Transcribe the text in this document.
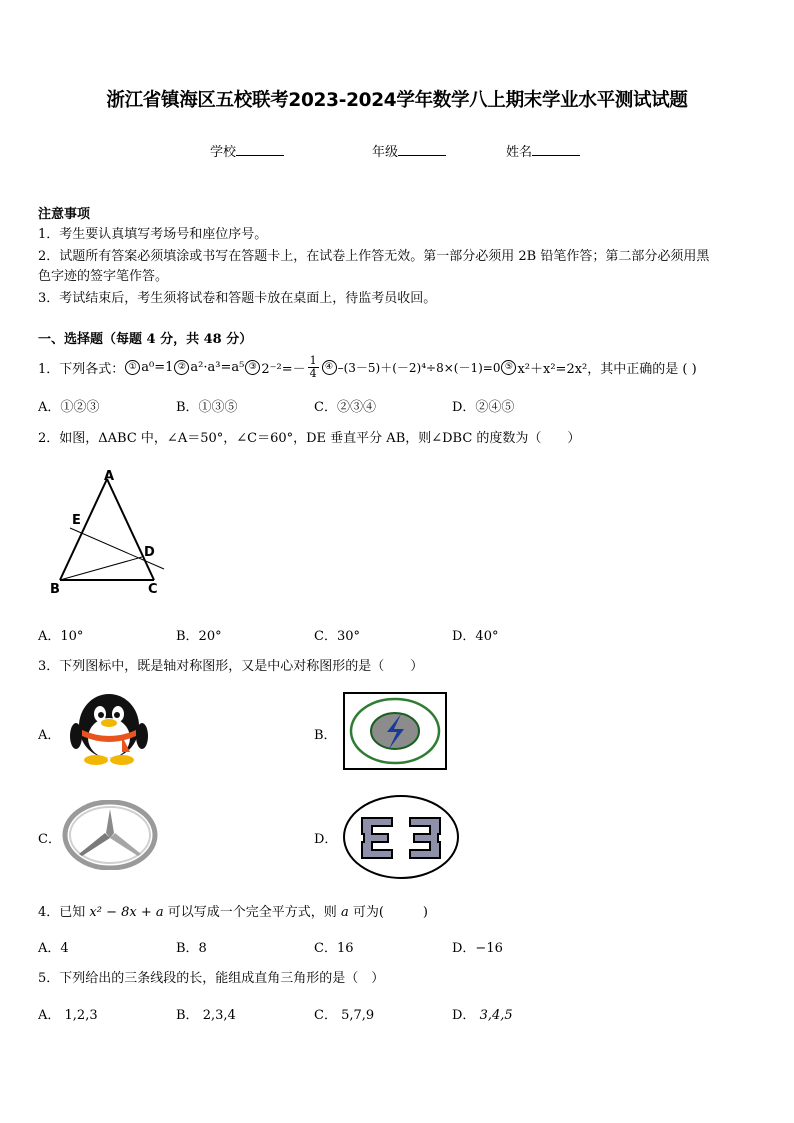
浙江省镇海区五校联考2023-2024学年数学八上期末学业水平测试试题
学校	年级	姓名
注意事项
1．考生要认真填写考场号和座位序号。
2．试题所有答案必须填涂或书写在答题卡上，在试卷上作答无效。第一部分必须用 2B 铅笔作答；第二部分必须用黑
色字迹的签字笔作答。
3．考试结束后，考生须将试卷和答题卡放在桌面上，待监考员收回。
一、选择题（每题 4 分，共 48 分）
1．下列各式： ① a⁰=1 ② a²·a³=a⁵ ③ $2^{-2}=- \frac{1}{4}$ ④ –(3－5)＋(－2)⁴÷8×(－1)=0 ⑤ x²＋x²=2x² ，其中正确的是 ( )
A．①②③	B．①③⑤	C．②③④	D．②④⑤
2．如图，ΔABC 中，∠A＝50°，∠C＝60°，DE 垂直平分 AB，则∠DBC 的度数为（　　）
A
E
D
B	C
A．10°	B．20°	C．30°	D．40°
3．下列图标中，既是轴对称图形，又是中心对称图形的是（　　）
A．	B．
C．	D．
4．已知 x² − 8x + a 可以写成一个完全平方式，则 a 可为(　　　)
A．4	B．8	C．16	D．−16
5．下列给出的三条线段的长，能组成直角三角形的是（　）
A． 1,2,3	B． 2,3,4	C． 5,7,9	D． 3,4,5
